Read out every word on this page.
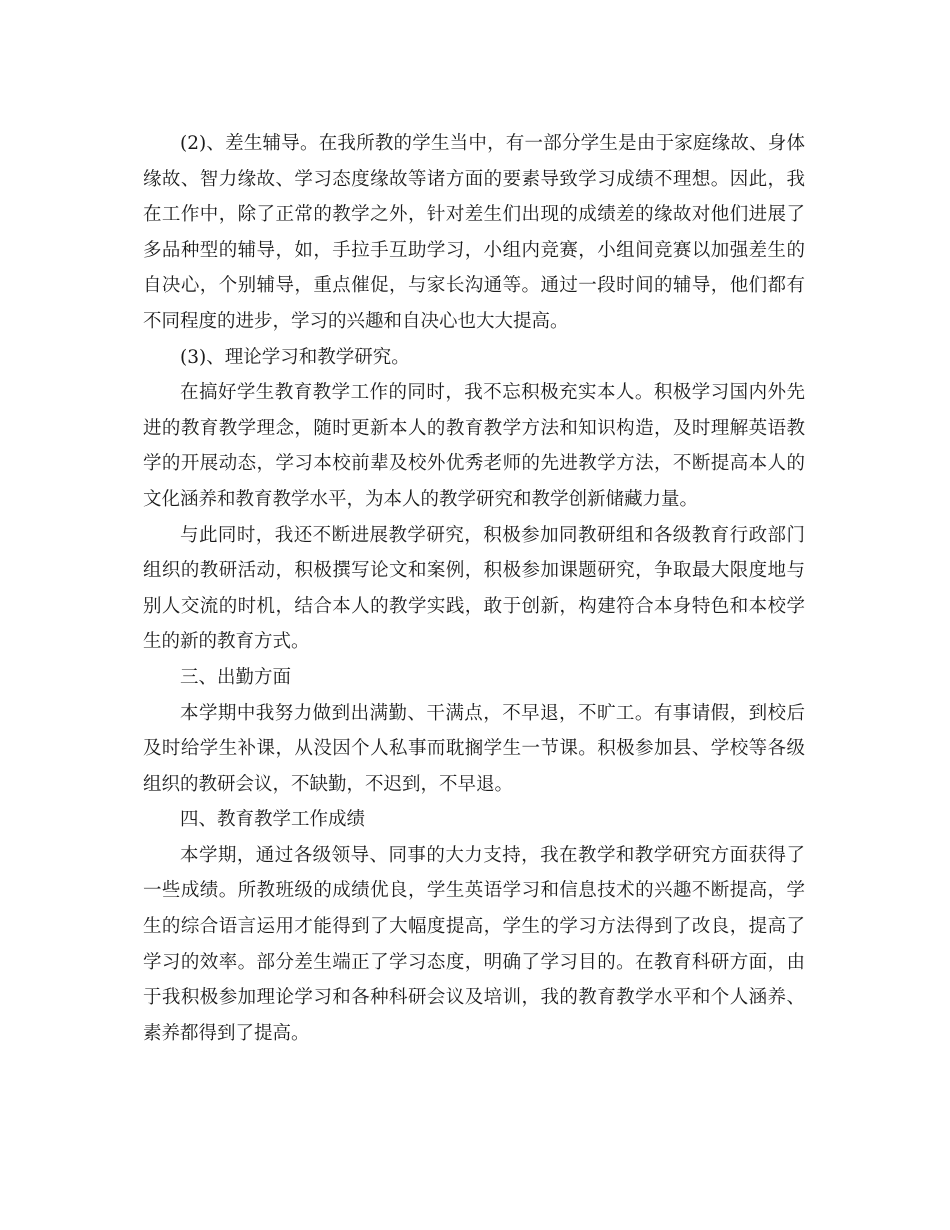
(2)、差生辅导。在我所教的学生当中，有一部分学生是由于家庭缘故、身体缘故、智力缘故、学习态度缘故等诸方面的要素导致学习成绩不理想。因此，我在工作中，除了正常的教学之外，针对差生们出现的成绩差的缘故对他们进展了多品种型的辅导，如，手拉手互助学习，小组内竞赛，小组间竞赛以加强差生的自决心，个别辅导，重点催促，与家长沟通等。通过一段时间的辅导，他们都有不同程度的进步，学习的兴趣和自决心也大大提高。

(3)、理论学习和教学研究。

在搞好学生教育教学工作的同时，我不忘积极充实本人。积极学习国内外先进的教育教学理念，随时更新本人的教育教学方法和知识构造，及时理解英语教学的开展动态，学习本校前辈及校外优秀老师的先进教学方法，不断提高本人的文化涵养和教育教学水平，为本人的教学研究和教学创新储藏力量。

与此同时，我还不断进展教学研究，积极参加同教研组和各级教育行政部门组织的教研活动，积极撰写论文和案例，积极参加课题研究，争取最大限度地与别人交流的时机，结合本人的教学实践，敢于创新，构建符合本身特色和本校学生的新的教育方式。

三、出勤方面

本学期中我努力做到出满勤、干满点，不早退，不旷工。有事请假，到校后及时给学生补课，从没因个人私事而耽搁学生一节课。积极参加县、学校等各级组织的教研会议，不缺勤，不迟到，不早退。

四、教育教学工作成绩

本学期，通过各级领导、同事的大力支持，我在教学和教学研究方面获得了一些成绩。所教班级的成绩优良，学生英语学习和信息技术的兴趣不断提高，学生的综合语言运用才能得到了大幅度提高，学生的学习方法得到了改良，提高了学习的效率。部分差生端正了学习态度，明确了学习目的。在教育科研方面，由于我积极参加理论学习和各种科研会议及培训，我的教育教学水平和个人涵养、素养都得到了提高。
